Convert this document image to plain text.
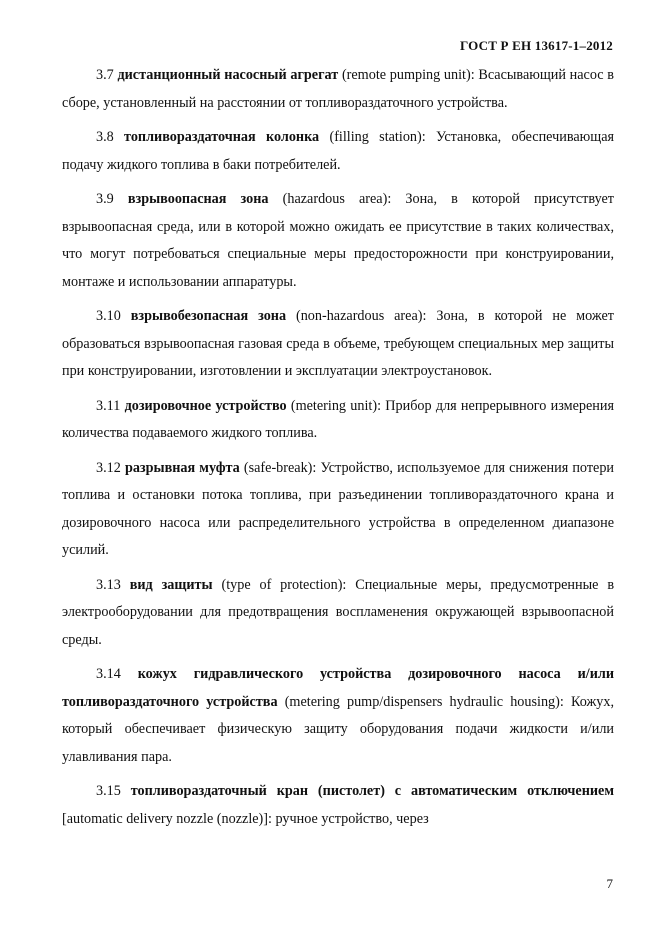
ГОСТ Р ЕН 13617-1–2012

3.7 дистанционный насосный агрегат (remote pumping unit): Всасывающий насос в сборе, установленный на расстоянии от топливораздаточного устройства.

3.8 топливораздаточная колонка (filling station): Установка, обеспечивающая подачу жидкого топлива в баки потребителей.

3.9 взрывоопасная зона (hazardous area): Зона, в которой присутствует взрывоопасная среда, или в которой можно ожидать ее присутствие в таких количествах, что могут потребоваться специальные меры предосторожности при конструировании, монтаже и использовании аппаратуры.

3.10 взрывобезопасная зона (non-hazardous area): Зона, в которой не может образоваться взрывоопасная газовая среда в объеме, требующем специальных мер защиты при конструировании, изготовлении и эксплуатации электроустановок.

3.11 дозировочное устройство (metering unit): Прибор для непрерывного измерения количества подаваемого жидкого топлива.

3.12 разрывная муфта (safe-break): Устройство, используемое для снижения потери топлива и остановки потока топлива, при разъединении топливораздаточного крана и дозировочного насоса или распределительного устройства в определенном диапазоне усилий.

3.13 вид защиты (type of protection): Специальные меры, предусмотренные в электрооборудовании для предотвращения воспламенения окружающей взрывоопасной среды.

3.14 кожух гидравлического устройства дозировочного насоса и/или топливораздаточного устройства (metering pump/dispensers hydraulic housing): Кожух, который обеспечивает физическую защиту оборудования подачи жидкости и/или улавливания пара.

3.15 топливораздаточный кран (пистолет) с автоматическим отключением [automatic delivery nozzle (nozzle)]: ручное устройство, через

7
